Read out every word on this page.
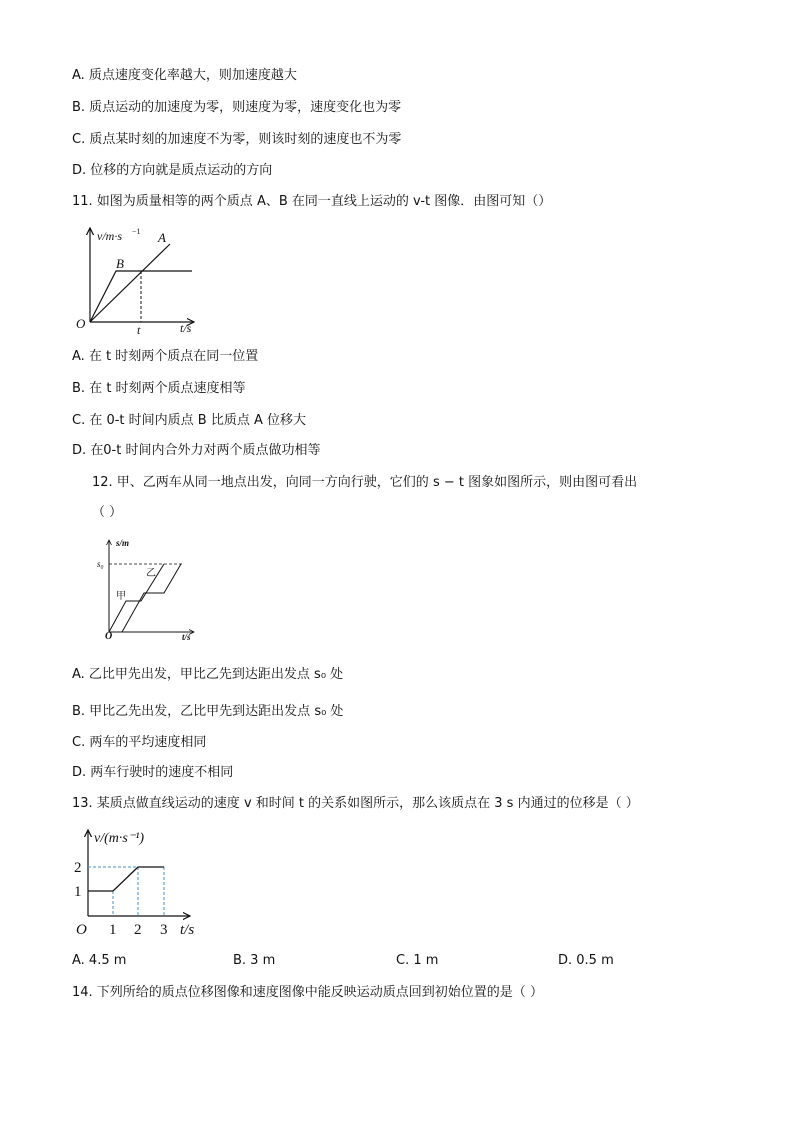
A. 质点速度变化率越大，则加速度越大
B. 质点运动的加速度为零，则速度为零，速度变化也为零
C. 质点某时刻的加速度不为零，则该时刻的速度也不为零
D. 位移的方向就是质点运动的方向
11. 如图为质量相等的两个质点 A、B 在同一直线上运动的 v-t 图像．由图可知（）
v/m·s −1 A
B
O	t	t/s
A. 在 t 时刻两个质点在同一位置
B. 在 t 时刻两个质点速度相等
C. 在 0-t 时间内质点 B 比质点 A 位移大
D. 在0-t 时间内合外力对两个质点做功相等
12. 甲、乙两车从同一地点出发，向同一方向行驶，它们的 s − t 图象如图所示，则由图可看出
（ ）
s/m
s₀
乙
甲
O	t/s
A. 乙比甲先出发，甲比乙先到达距出发点 s₀ 处
B. 甲比乙先出发，乙比甲先到达距出发点 s₀ 处
C. 两车的平均速度相同
D. 两车行驶时的速度不相同
13. 某质点做直线运动的速度 v 和时间 t 的关系如图所示，那么该质点在 3 s 内通过的位移是（ ）
v/(m·s⁻¹)
2
1
O 1 2 3 t/s
A. 4.5 m	B. 3 m	C. 1 m	D. 0.5 m
14. 下列所给的质点位移图像和速度图像中能反映运动质点回到初始位置的是（ ）
